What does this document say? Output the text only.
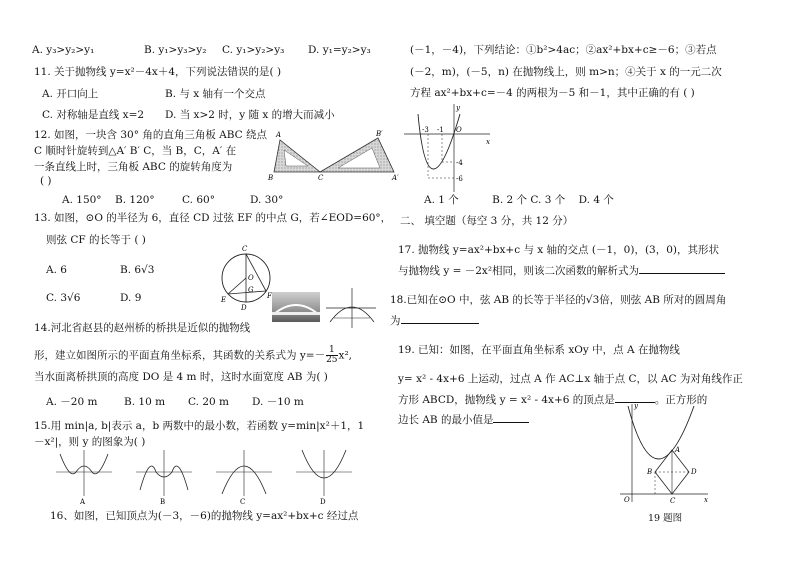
A. y₃>y₂>y₁	B. y₁>y₃>y₂ C. y₁>y₂>y₃ D. y₁=y₂>y₃
11. 关于抛物线 y=x²－4x＋4，下列说法错误的是( )
A. 开口向上	B. 与 x 轴有一个交点
C. 对称轴是直线 x=2 D. 当 x>2 时，y 随 x 的增大而减小
12. 如图，一块含 30° 角的直角三角板 ABC 绕点
C 顺时针旋转到△A′ B′ C，当 B，C，A′ 在
一条直线上时，三角板 ABC 的旋转角度为
( )
A. 150° B. 120°	C. 60°	D. 30°
B
A
C
B′
A′
13. 如图，⊙O 的半径为 6，直径 CD 过弦 EF 的中点 G，若∠EOD=60°，
则弦 CF 的长等于 ( )
A. 6	B. 6√3
C. 3√6	D. 9
C
O
G
E
D
F
14.河北省赵县的赵州桥的桥拱是近似的抛物线
形，建立如图所示的平面直角坐标系，其函数的关系式为 $y=- \frac{1}{25} x^2$,
当水面离桥拱顶的高度 DO 是 4 m 时，这时水面宽度 AB 为( )
A. －20 m	B. 10 m C. 20 m D. －10 m
15.用 min|a, b|表示 a，b 两数中的最小数，若函数 y=min|x²＋1，1
－x²|，则 y 的图象为( )
A	B	C	D
16、如图，已知顶点为(－3，－6)的抛物线 y=ax²+bx+c 经过点
(－1，－4)，下列结论：①b²>4ac；②ax²+bx+c≥－6；③若点
(－2，m)，(－5，n) 在抛物线上，则 m>n；④关于 x 的一元二次
方程 ax²+bx+c=－4 的两根为－5 和－1，其中正确的有 ( )
y
x
-3 -1 O
-4
-6
A. 1 个          B. 2 个 C. 3 个    D. 4 个
二、 填空题（每空 3 分，共 12 分）
17. 抛物线 y=ax²+bx+c 与 x 轴的交点 (－1，0)，(3，0)，其形状
与抛物线 y = －2x²相同，则该二次函数的解析式为
18.已知在⊙O 中，弦 AB 的长等于半径的√3倍，则弦 AB 所对的圆周角
为
19. 已知：如图，在平面直角坐标系 xOy 中，点 A 在抛物线
y= x² - 4x+6 上运动，过点 A 作 AC⊥x 轴于点 C，以 AC 为对角线作正
方形 ABCD，抛物线 y = x² - 4x+6 的顶点是	。正方形的
边长 AB 的最小值是
y
x
O
A
B
C
D
19 题图
